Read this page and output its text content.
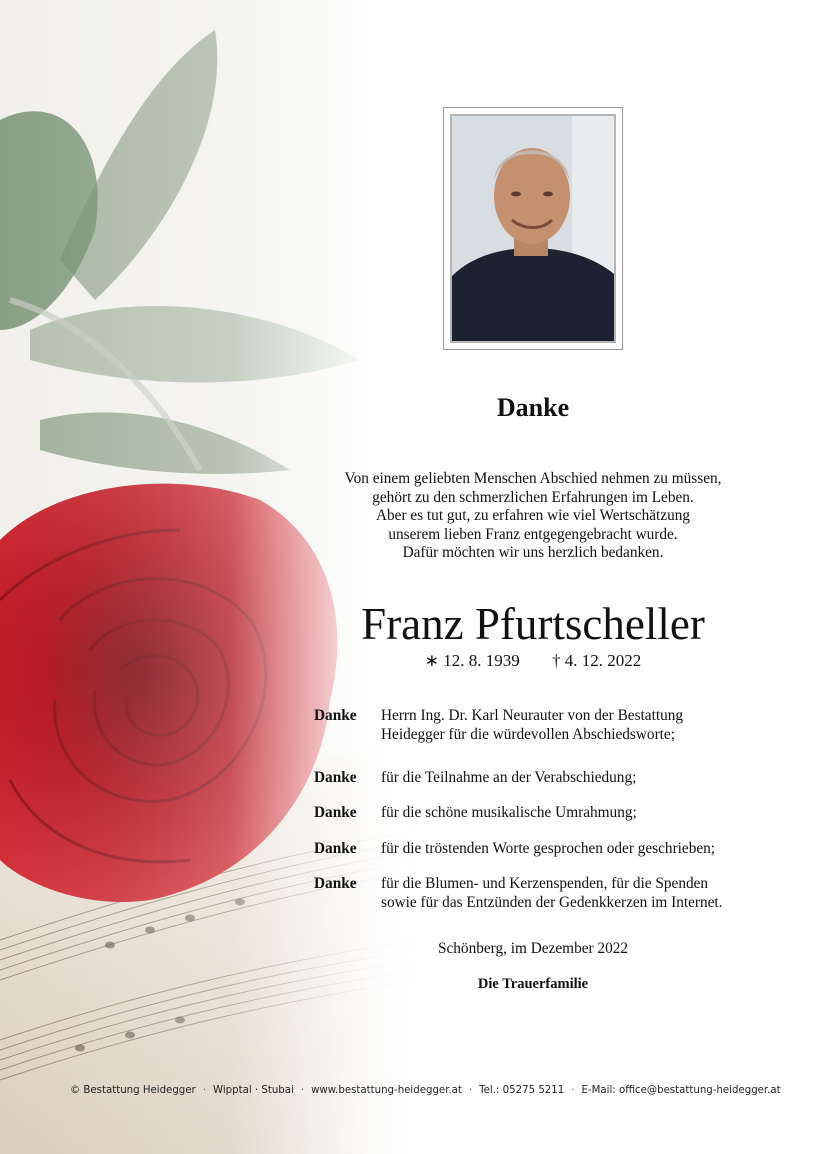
Danke
Von einem geliebten Menschen Abschied nehmen zu müssen,
gehört zu den schmerzlichen Erfahrungen im Leben.
Aber es tut gut, zu erfahren wie viel Wertschätzung
unserem lieben Franz entgegengebracht wurde.
Dafür möchten wir uns herzlich bedanken.
Franz Pfurtscheller
∗ 12. 8. 1939 † 4. 12. 2022
Danke	Herrn Ing. Dr. Karl Neurauter von der Bestattung
Heidegger für die würdevollen Abschiedsworte;
Danke	für die Teilnahme an der Verabschiedung;
Danke	für die schöne musikalische Umrahmung;
Danke	für die tröstenden Worte gesprochen oder geschrieben;
Danke	für die Blumen- und Kerzenspenden, für die Spenden
sowie für das Entzünden der Gedenkkerzen im Internet.
Schönberg, im Dezember 2022
Die Trauerfamilie
© Bestattung Heidegger · Wipptal · Stubai · www.bestattung-heidegger.at · Tel.: 05275 5211 · E-Mail: office@bestattung-heidegger.at
